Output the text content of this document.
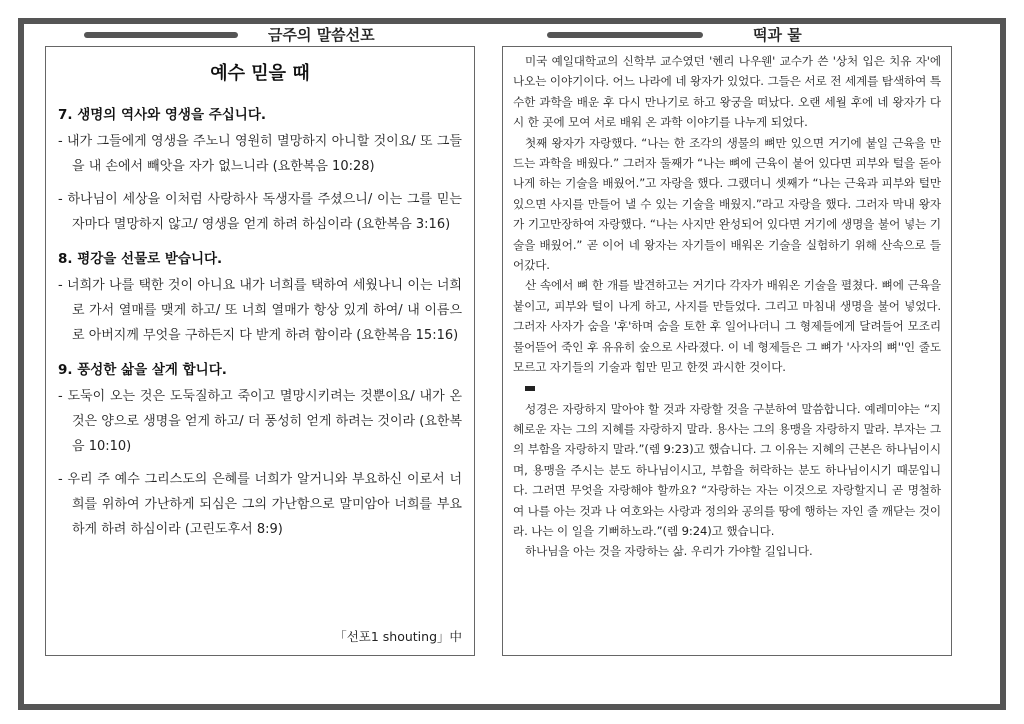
금주의 말씀선포	떡과 물
예수 믿을 때
7. 생명의 역사와 영생을 주십니다.
- 내가 그들에게 영생을 주노니 영원히 멸망하지 아니할 것이요/ 또 그들을 내 손에서 빼앗을 자가 없느니라 (요한복음 10:28)
- 하나님이 세상을 이처럼 사랑하사 독생자를 주셨으니/ 이는 그를 믿는 자마다 멸망하지 않고/ 영생을 얻게 하려 하심이라 (요한복음 3:16)
8. 평강을 선물로 받습니다.
- 너희가 나를 택한 것이 아니요 내가 너희를 택하여 세웠나니 이는 너희로 가서 열매를 맺게 하고/ 또 너희 열매가 항상 있게 하여/ 내 이름으로 아버지께 무엇을 구하든지 다 받게 하려 함이라 (요한복음 15:16)
9. 풍성한 삶을 살게 합니다.
- 도둑이 오는 것은 도둑질하고 죽이고 멸망시키려는 것뿐이요/ 내가 온 것은 양으로 생명을 얻게 하고/ 더 풍성히 얻게 하려는 것이라 (요한복음 10:10)
- 우리 주 예수 그리스도의 은혜를 너희가 알거니와 부요하신 이로서 너희를 위하여 가난하게 되심은 그의 가난함으로 말미암아 너희를 부요하게 하려 하심이라 (고린도후서 8:9)
「선포1 shouting」中

미국 예일대학교의 신학부 교수였던 '헨리 나우웬' 교수가 쓴 '상처 입은 치유 자'에 나오는 이야기이다. 어느 나라에 네 왕자가 있었다. 그들은 서로 전 세계를 탐색하여 특수한 과학을 배운 후 다시 만나기로 하고 왕궁을 떠났다. 오랜 세월 후에 네 왕자가 다시 한 곳에 모여 서로 배워 온 과학 이야기를 나누게 되었다.

첫째 왕자가 자랑했다. “나는 한 조각의 생물의 뼈만 있으면 거기에 붙일 근육을 만드는 과학을 배웠다.” 그러자 둘째가 “나는 뼈에 근육이 붙어 있다면 피부와 털을 돋아나게 하는 기술을 배웠어.”고 자랑을 했다. 그랬더니 셋째가 “나는 근육과 피부와 털만 있으면 사지를 만들어 낼 수 있는 기술을 배웠지.”라고 자랑을 했다. 그러자 막내 왕자가 기고만장하여 자랑했다. “나는 사지만 완성되어 있다면 거기에 생명을 불어 넣는 기술을 배웠어.” 곧 이어 네 왕자는 자기들이 배워온 기술을 실험하기 위해 산속으로 들어갔다.

산 속에서 뼈 한 개를 발견하고는 거기다 각자가 배워온 기술을 펼쳤다. 뼈에 근육을 붙이고, 피부와 털이 나게 하고, 사지를 만들었다. 그리고 마침내 생명을 불어 넣었다. 그러자 사자가 숨을 '후'하며 숨을 토한 후 일어나더니 그 형제들에게 달려들어 모조리 물어뜯어 죽인 후 유유히 숲으로 사라졌다. 이 네 형제들은 그 뼈가 '사자의 뼈''인 줄도 모르고 자기들의 기술과 힘만 믿고 한껏 과시한 것이다.

성경은 자랑하지 말아야 할 것과 자랑할 것을 구분하여 말씀합니다. 예레미야는 “지혜로운 자는 그의 지혜를 자랑하지 말라. 용사는 그의 용맹을 자랑하지 말라. 부자는 그의 부함을 자랑하지 말라.”(렘 9:23)고 했습니다. 그 이유는 지혜의 근본은 하나님이시며, 용맹을 주시는 분도 하나님이시고, 부함을 허락하는 분도 하나님이시기 때문입니다. 그러면 무엇을 자랑해야 할까요? “자랑하는 자는 이것으로 자랑할지니 곧 명철하여 나를 아는 것과 나 여호와는 사랑과 정의와 공의를 땅에 행하는 자인 줄 깨닫는 것이라. 나는 이 일을 기뻐하노라.”(렘 9:24)고 했습니다.

하나님을 아는 것을 자랑하는 삶. 우리가 가야할 길입니다.
